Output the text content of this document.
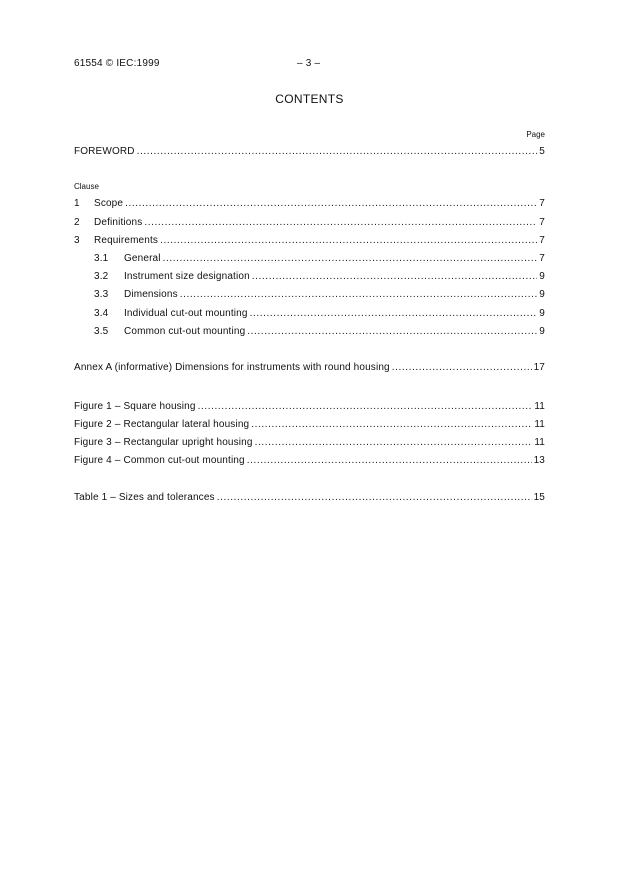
61554 © IEC:1999	– 3 –
CONTENTS
Page
FOREWORD .....	5
Clause
1	Scope .....	7
2	Definitions .....	7
3	Requirements .....	7
3.1	General .....	7
3.2	Instrument size designation .....	9
3.3	Dimensions .....	9
3.4	Individual cut-out mounting .....	9
3.5	Common cut-out mounting .....	9
Annex A (informative) Dimensions for instruments with round housing .....	17
Figure 1 – Square housing .....	11
Figure 2 – Rectangular lateral housing .....	11
Figure 3 – Rectangular upright housing .....	11
Figure 4 – Common cut-out mounting .....	13
Table 1 – Sizes and tolerances .....	15
